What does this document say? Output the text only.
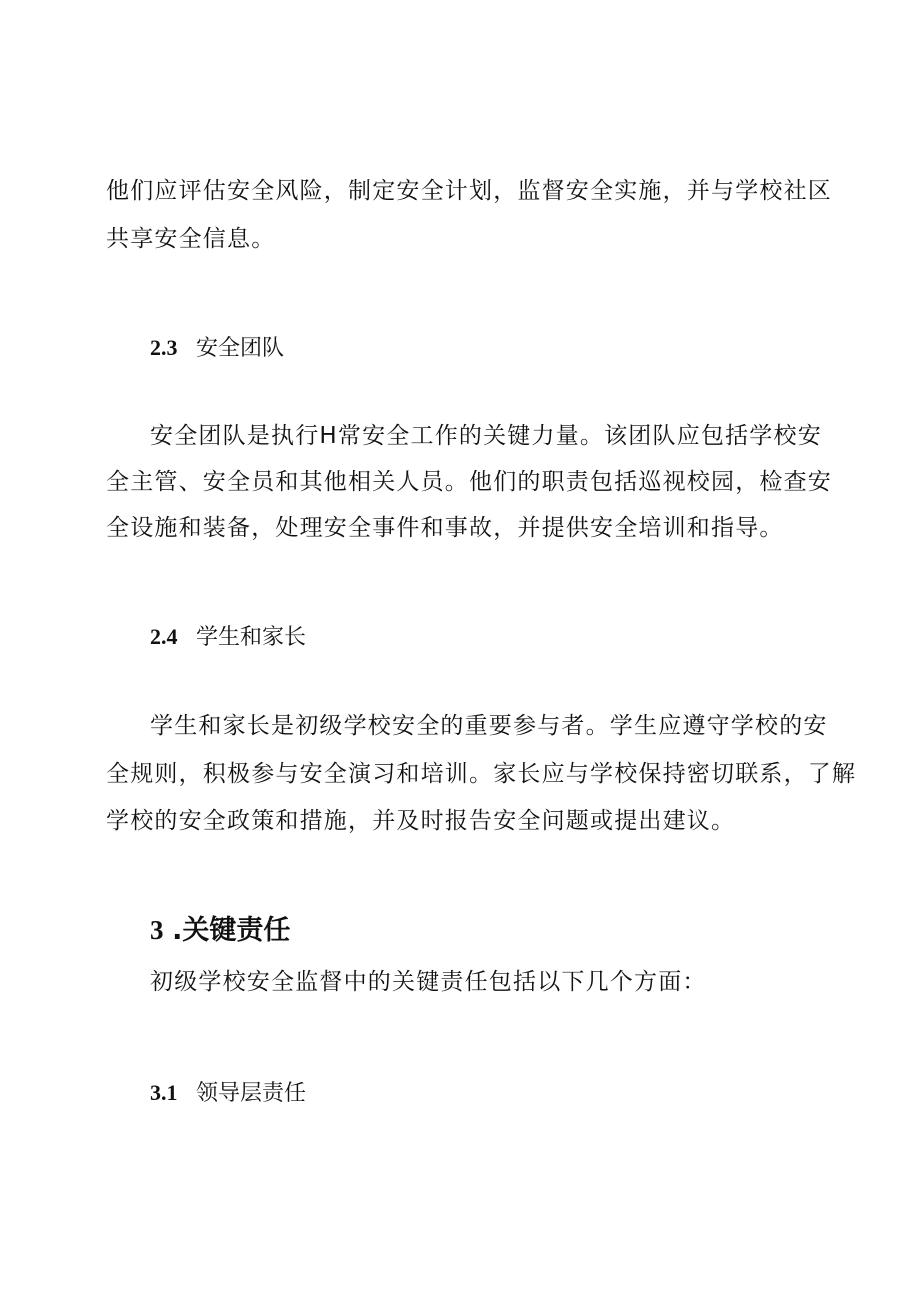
他们应评估安全风险，制定安全计划，监督安全实施，并与学校社区
共享安全信息。
2.3 安全团队
安全团队是执行H常安全工作的关键力量。该团队应包括学校安
全主管、安全员和其他相关人员。他们的职责包括巡视校园，检查安
全设施和装备，处理安全事件和事故，并提供安全培训和指导。
2.4 学生和家长
学生和家长是初级学校安全的重要参与者。学生应遵守学校的安
全规则，积极参与安全演习和培训。家长应与学校保持密切联系，了解
学校的安全政策和措施，并及时报告安全问题或提出建议。
3 .关键责任
初级学校安全监督中的关键责任包括以下几个方面：
3.1 领导层责任
